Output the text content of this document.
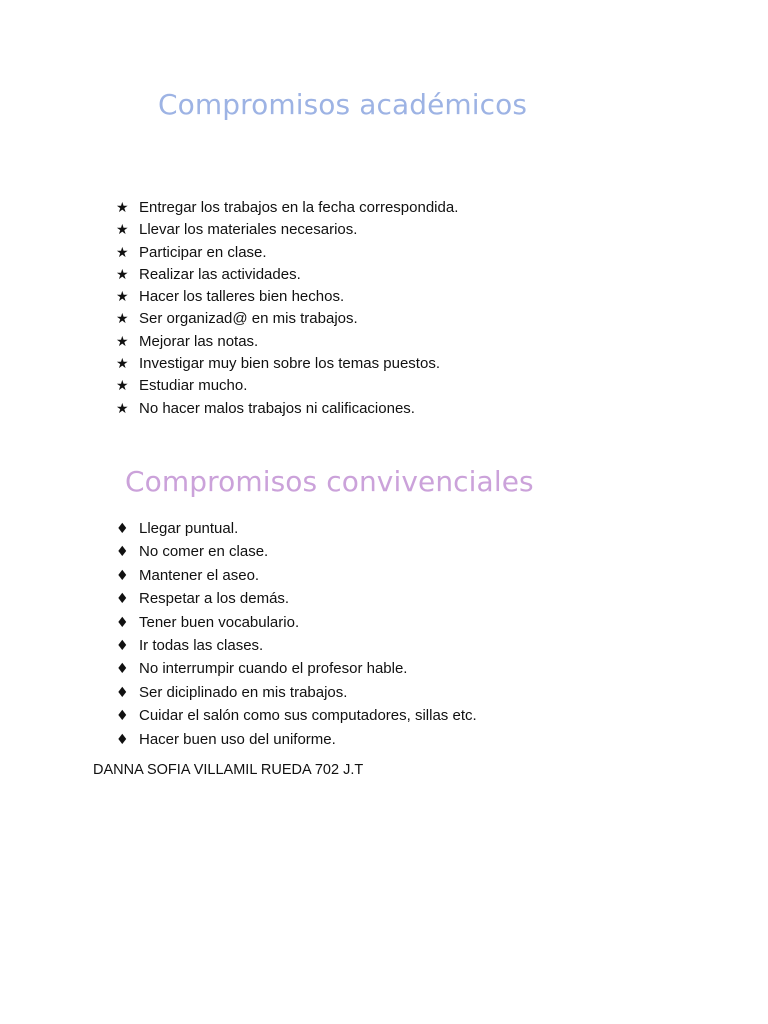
Compromisos académicos
★ Entregar los trabajos en la fecha correspondida.
★ Llevar los materiales necesarios.
★ Participar en clase.
★ Realizar las actividades.
★ Hacer los talleres bien hechos.
★ Ser organizad@ en mis trabajos.
★ Mejorar las notas.
★ Investigar muy bien sobre los temas puestos.
★ Estudiar mucho.
★ No hacer malos trabajos ni calificaciones.
Compromisos convivenciales
♦ Llegar puntual.
♦ No comer en clase.
♦ Mantener el aseo.
♦ Respetar a los demás.
♦ Tener buen vocabulario.
♦ Ir todas las clases.
♦ No interrumpir cuando el profesor hable.
♦ Ser diciplinado en mis trabajos.
♦ Cuidar el salón como sus computadores, sillas etc.
♦ Hacer buen uso del uniforme.

DANNA SOFIA VILLAMIL RUEDA 702 J.T
